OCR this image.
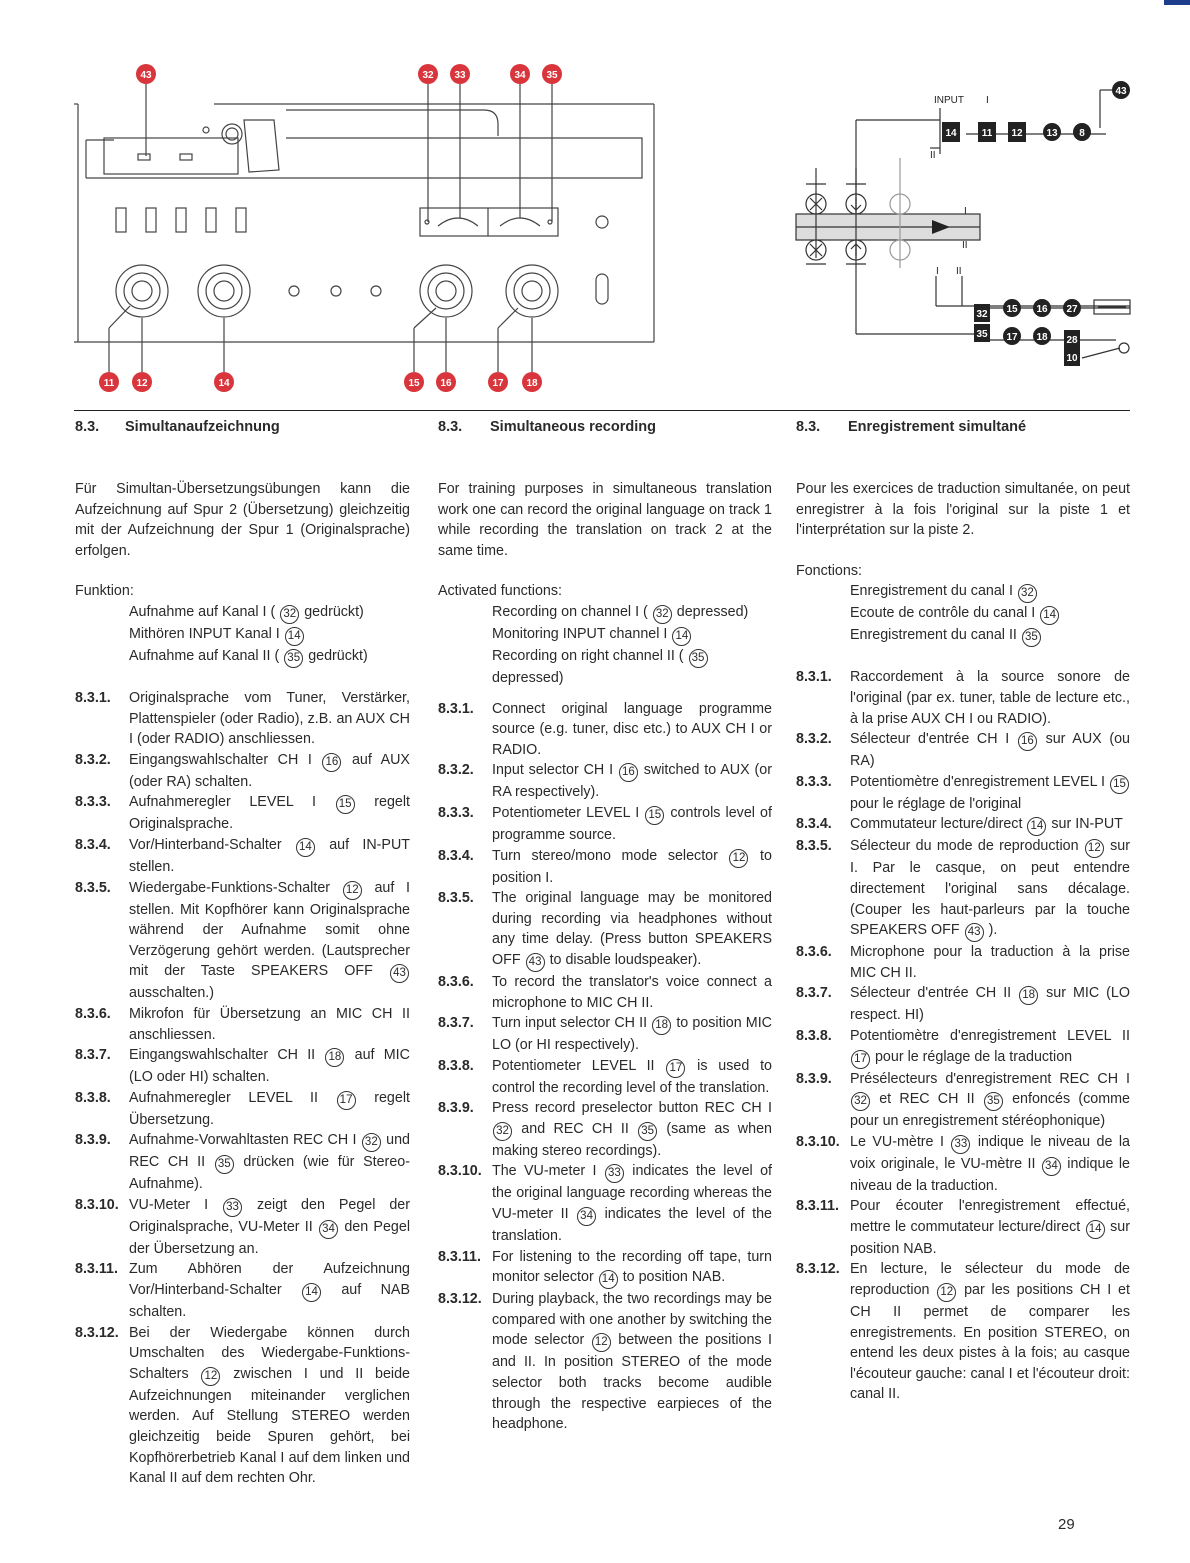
43	32 33	34 35
11 12	14	15 16	17 18
INPUT I
II
I
II
I II
14	11 12 13 8
43
32
35
15 16 27
17 18 28
10
8.3.	Simultanaufzeichnung
Für Simultan-Übersetzungsübungen kann die Aufzeichnung auf Spur 2 (Übersetzung) gleichzeitig mit der Aufzeichnung der Spur 1 (Originalsprache) erfolgen.
Funktion:
Aufnahme auf Kanal I ( 32 gedrückt)
Mithören INPUT Kanal I 14
Aufnahme auf Kanal II ( 35 gedrückt)
8.3.1.	Originalsprache vom Tuner, Verstärker, Plattenspieler (oder Radio), z.B. an AUX CH I (oder RADIO) anschliessen.
8.3.2.	Eingangswahlschalter CH I 16 auf AUX (oder RA) schalten.
8.3.3.	Aufnahmeregler LEVEL I 15 regelt Originalsprache.
8.3.4.	Vor/Hinterband-Schalter 14 auf IN-PUT stellen.
8.3.5.	Wiedergabe-Funktions-Schalter 12 auf I stellen. Mit Kopfhörer kann Originalsprache während der Aufnahme somit ohne Verzögerung gehört werden. (Lautsprecher mit der Taste SPEAKERS OFF 43 ausschalten.)
8.3.6.	Mikrofon für Übersetzung an MIC CH II anschliessen.
8.3.7.	Eingangswahlschalter CH II 18 auf MIC (LO oder HI) schalten.
8.3.8.	Aufnahmeregler LEVEL II 17 regelt Übersetzung.
8.3.9.	Aufnahme-Vorwahltasten REC CH I 32 und REC CH II 35 drücken (wie für Stereo-Aufnahme).
8.3.10. VU-Meter I 33 zeigt den Pegel der Originalsprache, VU-Meter II 34 den Pegel der Übersetzung an.
8.3.11. Zum Abhören der Aufzeichnung Vor/Hinterband-Schalter 14 auf NAB schalten.
8.3.12. Bei der Wiedergabe können durch Umschalten des Wiedergabe-Funktions-Schalters 12 zwischen I und II beide Aufzeichnungen miteinander verglichen werden. Auf Stellung STEREO werden gleichzeitig beide Spuren gehört, bei Kopfhörerbetrieb Kanal I auf dem linken und Kanal II auf dem rechten Ohr.
8.3.	Simultaneous recording
For training purposes in simultaneous translation work one can record the original language on track 1 while recording the translation on track 2 at the same time.
Activated functions:
Recording on channel I ( 32 depressed)
Monitoring INPUT channel I 14
Recording on right channel II ( 35 depressed)
8.3.1.	Connect original language programme source (e.g. tuner, disc etc.) to AUX CH I or RADIO.
8.3.2.	Input selector CH I 16 switched to AUX (or RA respectively).
8.3.3.	Potentiometer LEVEL I 15 controls level of programme source.
8.3.4.	Turn stereo/mono mode selector 12 to position I.
8.3.5.	The original language may be monitored during recording via headphones without any time delay. (Press button SPEAKERS OFF 43 to disable loudspeaker).
8.3.6.	To record the translator's voice connect a microphone to MIC CH II.
8.3.7.	Turn input selector CH II 18 to position MIC LO (or HI respectively).
8.3.8.	Potentiometer LEVEL II 17 is used to control the recording level of the translation.
8.3.9.	Press record preselector button REC CH I 32 and REC CH II 35 (same as when making stereo recordings).
8.3.10. The VU-meter I 33 indicates the level of the original language recording whereas the VU-meter II 34 indicates the level of the translation.
8.3.11. For listening to the recording off tape, turn monitor selector 14 to position NAB.
8.3.12. During playback, the two recordings may be compared with one another by switching the mode selector 12 between the positions I and II. In position STEREO of the mode selector both tracks become audible through the respective earpieces of the headphone.
8.3.	Enregistrement simultané
Pour les exercices de traduction simultanée, on peut enregistrer à la fois l'original sur la piste 1 et l'interprétation sur la piste 2.
Fonctions:
Enregistrement du canal I 32
Ecoute de contrôle du canal I 14
Enregistrement du canal II 35
8.3.1.	Raccordement à la source sonore de l'original (par ex. tuner, table de lecture etc., à la prise AUX CH I ou RADIO).
8.3.2.	Sélecteur d'entrée CH I 16 sur AUX (ou RA)
8.3.3.	Potentiomètre d'enregistrement LEVEL I 15 pour le réglage de l'original
8.3.4.	Commutateur lecture/direct 14 sur IN-PUT
8.3.5.	Sélecteur du mode de reproduction 12 sur I. Par le casque, on peut entendre directement l'original sans décalage. (Couper les haut-parleurs par la touche SPEAKERS OFF 43 ).
8.3.6.	Microphone pour la traduction à la prise MIC CH II.
8.3.7.	Sélecteur d'entrée CH II 18 sur MIC (LO respect. HI)
8.3.8.	Potentiomètre d'enregistrement LEVEL II 17 pour le réglage de la traduction
8.3.9.	Présélecteurs d'enregistrement REC CH I 32 et REC CH II 35 enfoncés (comme pour un enregistrement stéréophonique)
8.3.10. Le VU-mètre I 33 indique le niveau de la voix originale, le VU-mètre II 34 indique le niveau de la traduction.
8.3.11. Pour écouter l'enregistrement effectué, mettre le commutateur lecture/direct 14 sur position NAB.
8.3.12. En lecture, le sélecteur du mode de reproduction 12 par les positions CH I et CH II permet de comparer les enregistrements. En position STEREO, on entend les deux pistes à la fois; au casque l'écouteur gauche: canal I et l'écouteur droit: canal II.
29
